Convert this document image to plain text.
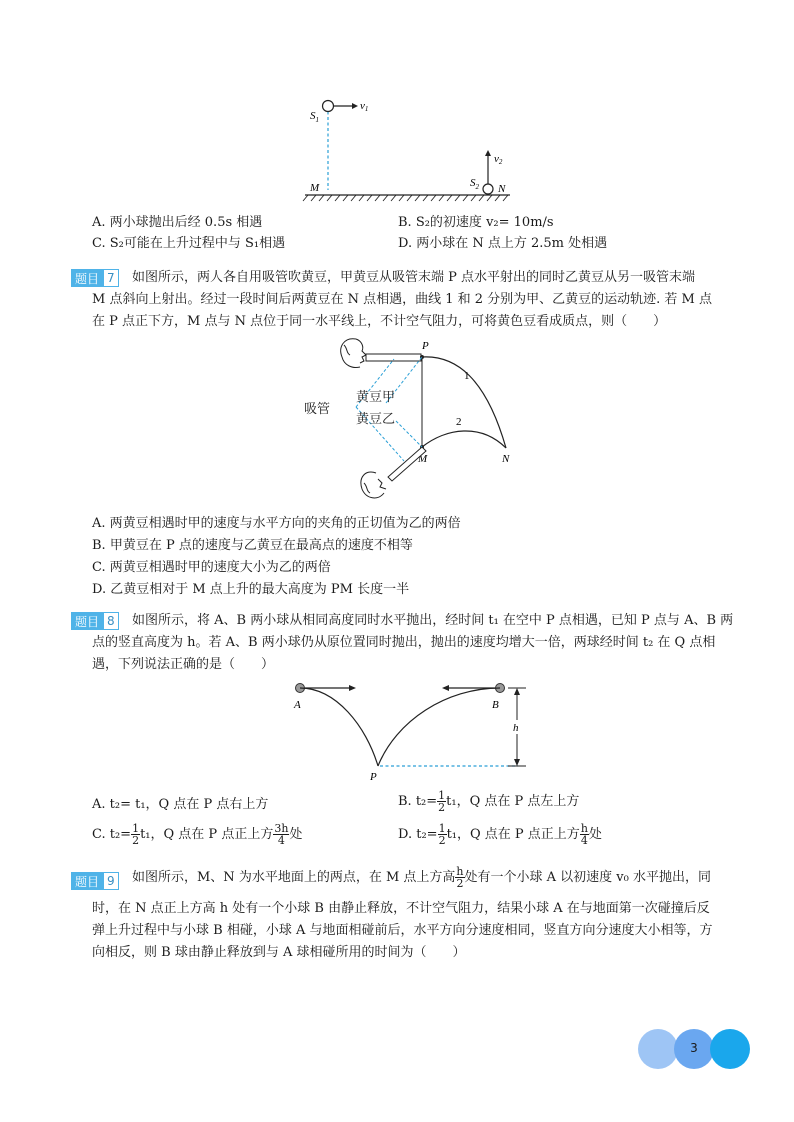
$S_1$
v1
v2
$S_2$
M	N
A. 两小球抛出后经 0.5s 相遇	B. S₂的初速度 v₂= 10m/s
C. S₂可能在上升过程中与 S₁相遇	D. 两小球在 N 点上方 2.5m 处相遇
题目 7	如图所示，两人各自用吸管吹黄豆，甲黄豆从吸管末端 P 点水平射出的同时乙黄豆从另一吸管末端
M 点斜向上射出。经过一段时间后两黄豆在 N 点相遇，曲线 1 和 2 分别为甲、乙黄豆的运动轨迹. 若 M 点
在 P 点正下方，M 点与 N 点位于同一水平线上，不计空气阻力，可将黄色豆看成质点，则（　　）
P
1
2
M	N
吸管
黄豆甲
黄豆乙
A. 两黄豆相遇时甲的速度与水平方向的夹角的正切值为乙的两倍
B. 甲黄豆在 P 点的速度与乙黄豆在最高点的速度不相等
C. 两黄豆相遇时甲的速度大小为乙的两倍
D. 乙黄豆相对于 M 点上升的最大高度为 PM 长度一半
题目 8	如图所示，将 A、B 两小球从相同高度同时水平抛出，经时间 t₁ 在空中 P 点相遇，已知 P 点与 A、B 两
点的竖直高度为 h。若 A、B 两小球仍从原位置同时抛出，抛出的速度均增大一倍，两球经时间 t₂ 在 Q 点相
遇，下列说法正确的是（　　）
h
A	B
P
A. t₂= t₁，Q 点在 P 点右上方	B. $t_2= \frac{1}{2} t_1$，Q 点在 P 点左上方
C. $t_2= \frac{1}{2} t_1$，Q 点在 P 点正上方 $\frac{3h}{4}$ 处	D. $t_2= \frac{1}{2} t_1$，Q 点在 P 点正上方 $\frac{h}{4}$ 处
题目 9	如图所示，M、N 为水平地面上的两点，在 M 点上方高 $\frac{h}{2}$ 处有一个小球 A 以初速度 v₀ 水平抛出，同
时，在 N 点正上方高 h 处有一个小球 B 由静止释放，不计空气阻力，结果小球 A 在与地面第一次碰撞后反
弹上升过程中与小球 B 相碰，小球 A 与地面相碰前后，水平方向分速度相同，竖直方向分速度大小相等，方
向相反，则 B 球由静止释放到与 A 球相碰所用的时间为（　　）
3
